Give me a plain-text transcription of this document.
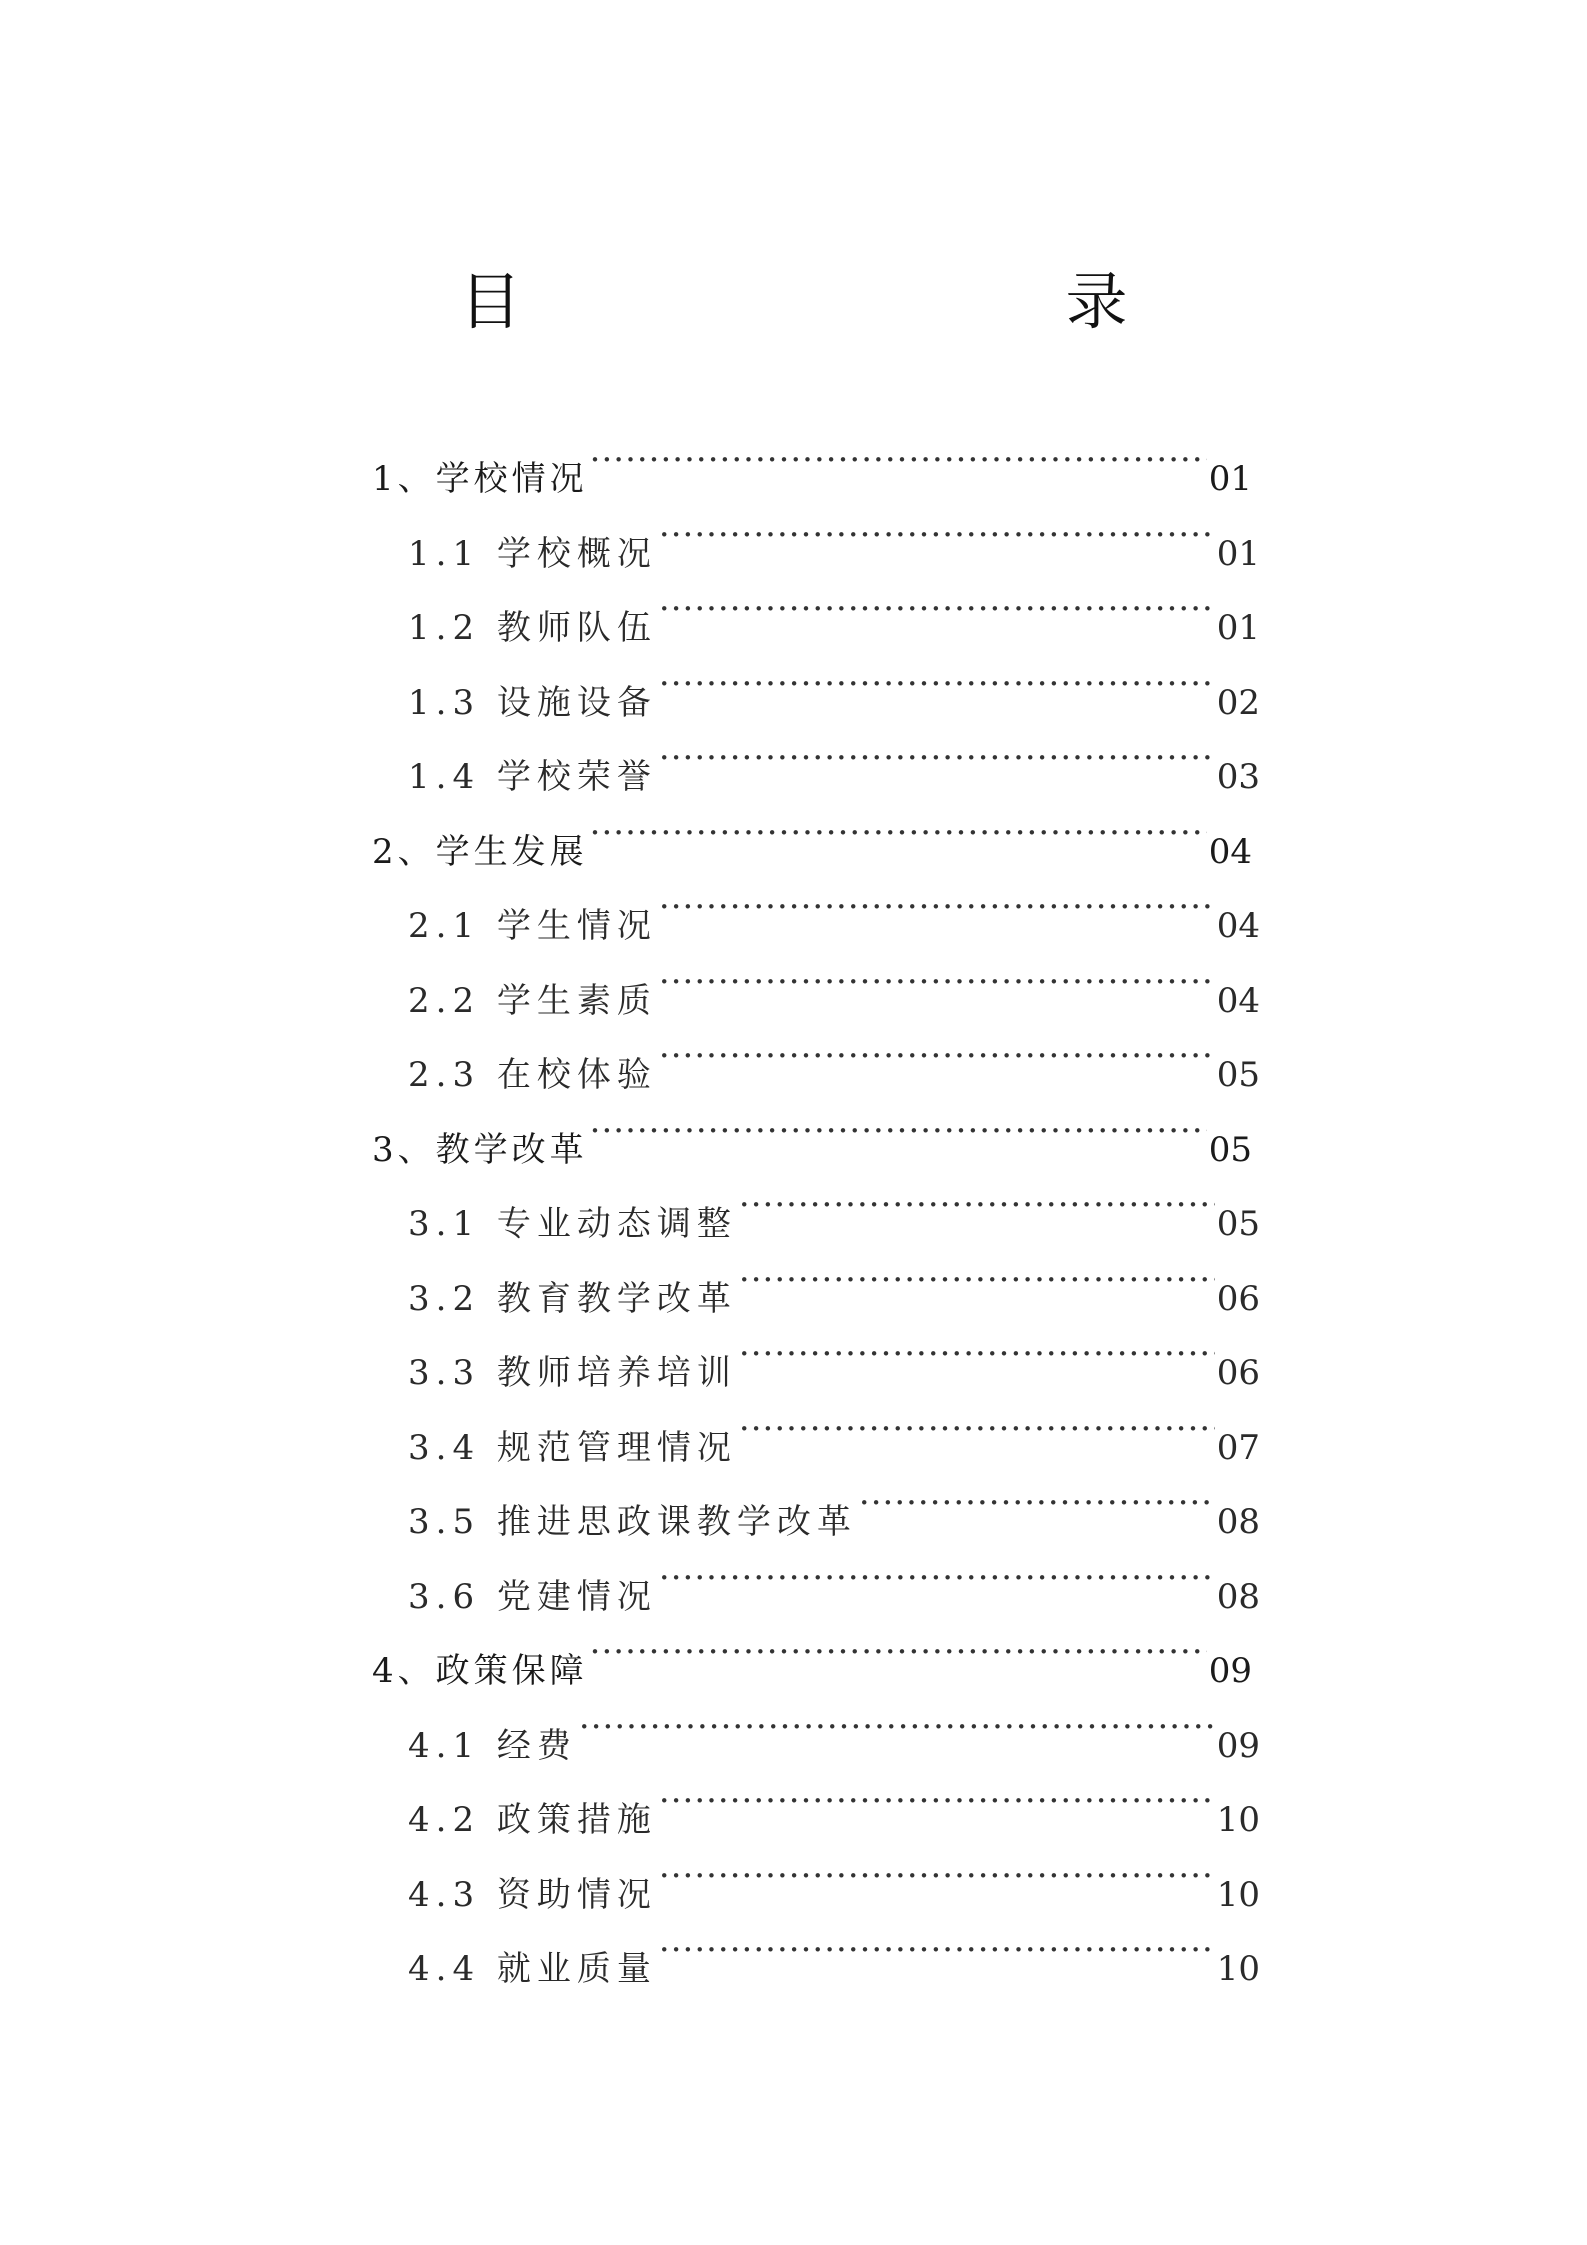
目　　录
1、学校情况 ·····	01
1.1 学校概况 ·····	01
1.2 教师队伍 ·····	01
1.3 设施设备 ·····	02
1.4 学校荣誉 ·····	03
2、学生发展 ·····	04
2.1 学生情况 ·····	04
2.2 学生素质 ·····	04
2.3 在校体验 ·····	05
3、教学改革 ·····	05
3.1 专业动态调整 ·····	05
3.2 教育教学改革 ·····	06
3.3 教师培养培训 ·····	06
3.4 规范管理情况 ·····	07
3.5 推进思政课教学改革 ·····	08
3.6 党建情况 ·····	08
4、政策保障 ·····	09
4.1 经费 ·····	09
4.2 政策措施 ·····	10
4.3 资助情况 ·····	10
4.4 就业质量 ·····	10
